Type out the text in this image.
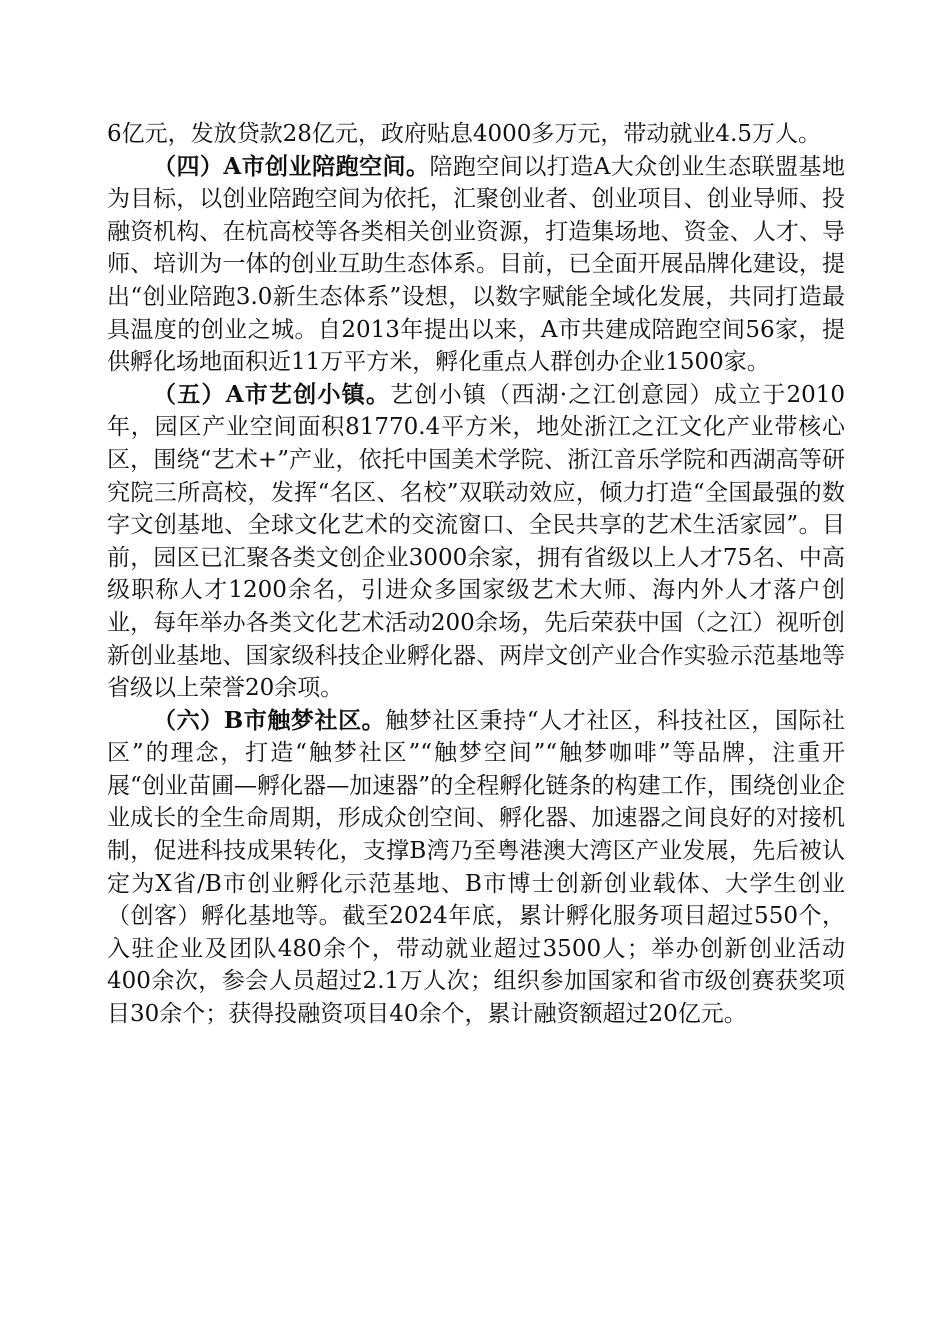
6亿元，发放贷款28亿元，政府贴息4000多万元，带动就业4.5万人。

（四）A市创业陪跑空间。陪跑空间以打造A大众创业生态联盟基地为目标，以创业陪跑空间为依托，汇聚创业者、创业项目、创业导师、投融资机构、在杭高校等各类相关创业资源，打造集场地、资金、人才、导师、培训为一体的创业互助生态体系。目前，已全面开展品牌化建设，提出“创业陪跑3.0新生态体系”设想，以数字赋能全域化发展，共同打造最具温度的创业之城。自2013年提出以来，A市共建成陪跑空间56家，提供孵化场地面积近11万平方米，孵化重点人群创办企业1500家。

（五）A市艺创小镇。艺创小镇（西湖·之江创意园）成立于2010年，园区产业空间面积81770.4平方米，地处浙江之江文化产业带核心区，围绕“艺术+”产业，依托中国美术学院、浙江音乐学院和西湖高等研究院三所高校，发挥“名区、名校”双联动效应，倾力打造“全国最强的数字文创基地、全球文化艺术的交流窗口、全民共享的艺术生活家园”。目前，园区已汇聚各类文创企业3000余家，拥有省级以上人才75名、中高级职称人才1200余名，引进众多国家级艺术大师、海内外人才落户创业，每年举办各类文化艺术活动200余场，先后荣获中国（之江）视听创新创业基地、国家级科技企业孵化器、两岸文创产业合作实验示范基地等省级以上荣誉20余项。

（六）B市触梦社区。触梦社区秉持“人才社区，科技社区，国际社区”的理念，打造“触梦社区”“触梦空间”“触梦咖啡”等品牌，注重开展“创业苗圃—孵化器—加速器”的全程孵化链条的构建工作，围绕创业企业成长的全生命周期，形成众创空间、孵化器、加速器之间良好的对接机制，促进科技成果转化，支撑B湾乃至粤港澳大湾区产业发展，先后被认定为X省/B市创业孵化示范基地、B市博士创新创业载体、大学生创业（创客）孵化基地等。截至2024年底，累计孵化服务项目超过550个，入驻企业及团队480余个，带动就业超过3500人；举办创新创业活动400余次，参会人员超过2.1万人次；组织参加国家和省市级创赛获奖项目30余个；获得投融资项目40余个，累计融资额超过20亿元。
